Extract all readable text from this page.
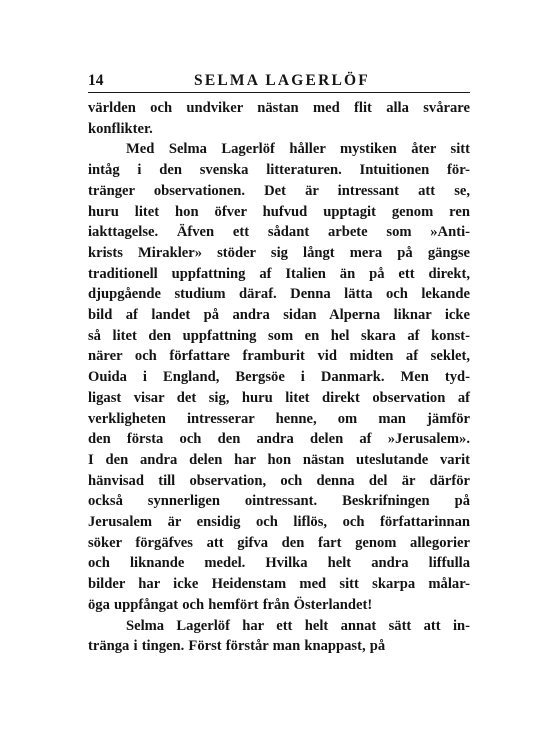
14	SELMA LAGERLÖF

världen och undviker nästan med flit alla svårare
konflikter.

Med Selma Lagerlöf håller mystiken åter sitt
intåg i den svenska litteraturen. Intuitionen för-
tränger observationen. Det är intressant att se,
huru litet hon öfver hufvud upptagit genom ren
iakttagelse. Äfven ett sådant arbete som »Anti-
krists Mirakler» stöder sig långt mera på gängse
traditionell uppfattning af Italien än på ett direkt,
djupgående studium däraf. Denna lätta och lekande
bild af landet på andra sidan Alperna liknar icke
så litet den uppfattning som en hel skara af konst-
närer och författare framburit vid midten af seklet,
Ouida i England, Bergsöe i Danmark. Men tyd-
ligast visar det sig, huru litet direkt observation af
verkligheten intresserar henne, om man jämför
den första och den andra delen af »Jerusalem».
I den andra delen har hon nästan uteslutande varit
hänvisad till observation, och denna del är därför
också synnerligen ointressant. Beskrifningen på
Jerusalem är ensidig och liflös, och författarinnan
söker förgäfves att gifva den fart genom allegorier
och liknande medel. Hvilka helt andra liffulla
bilder har icke Heidenstam med sitt skarpa målar-
öga uppfångat och hemfört från Österlandet!

Selma Lagerlöf har ett helt annat sätt att in-
tränga i tingen. Först förstår man knappast, på
